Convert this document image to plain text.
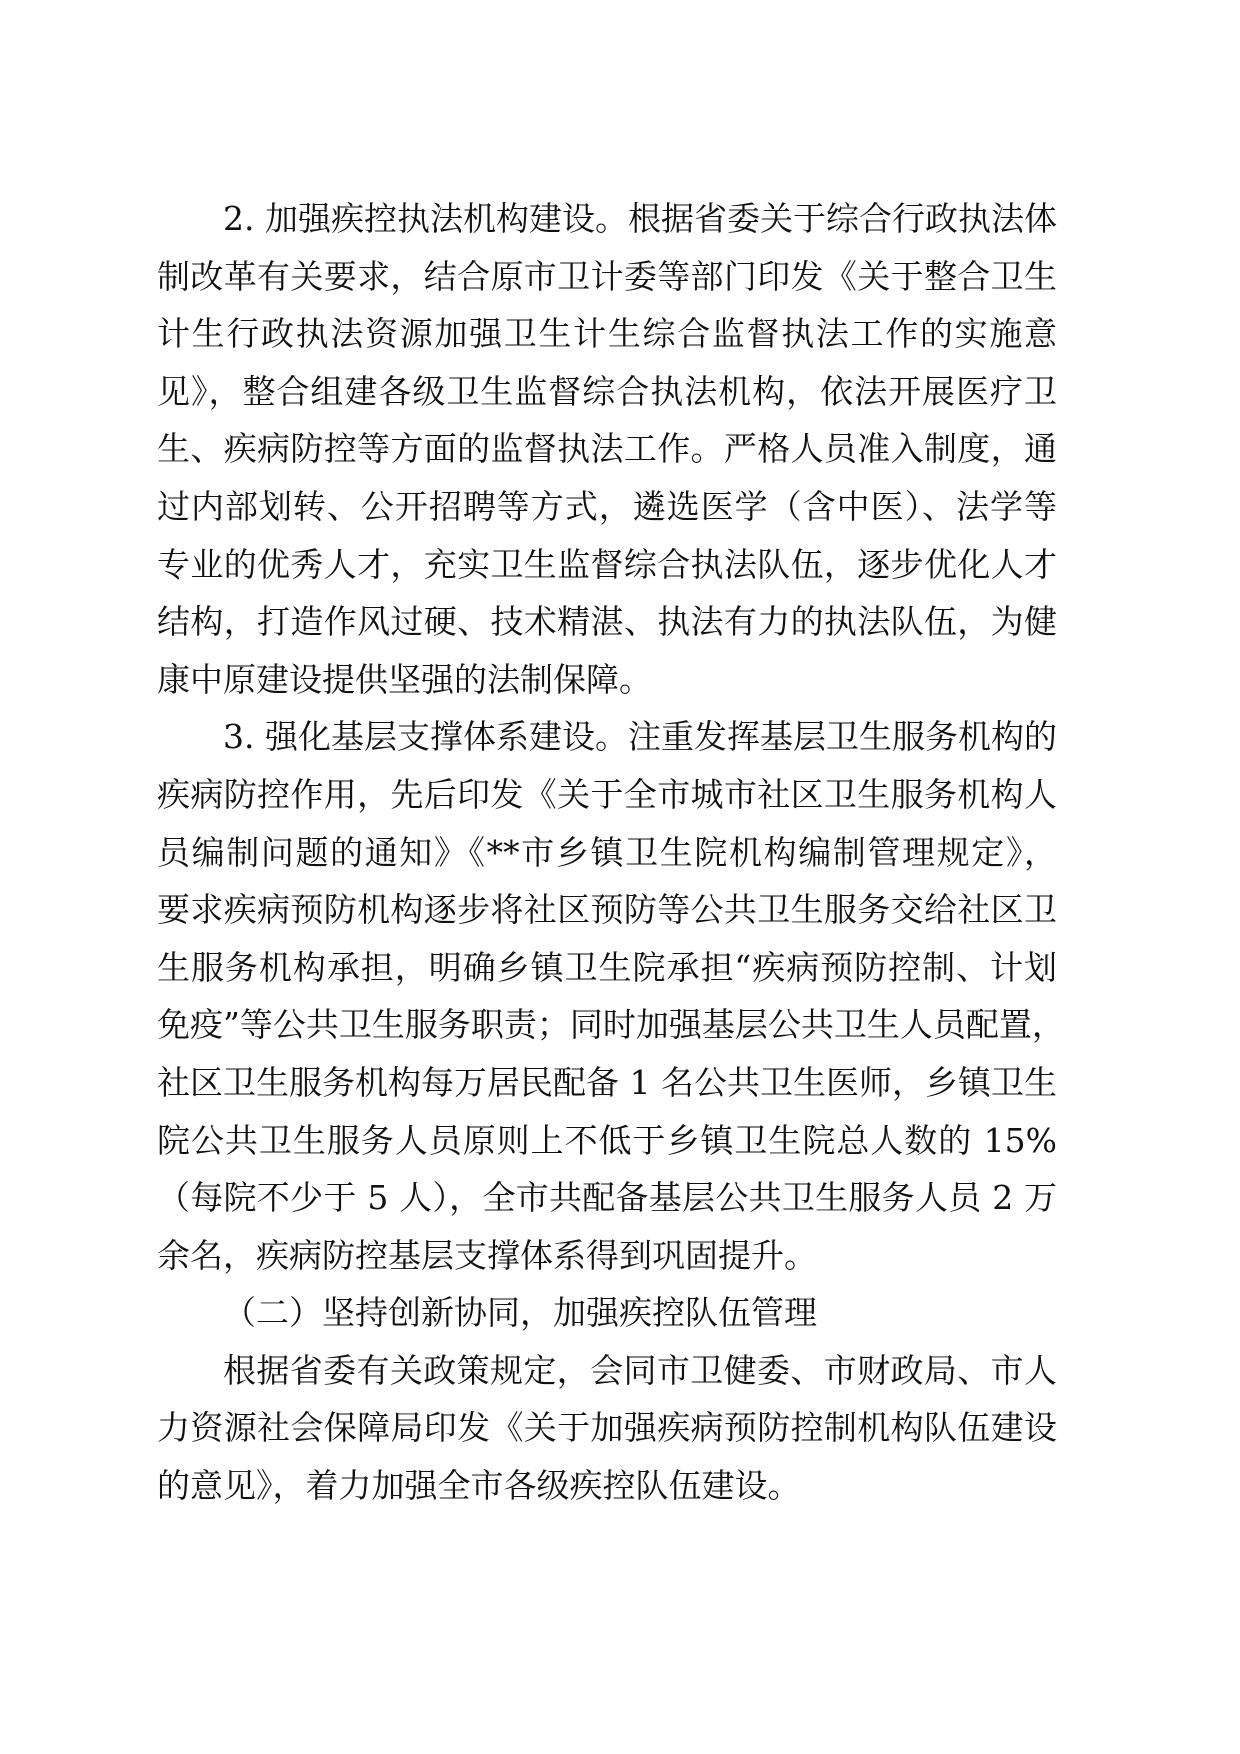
2. 加强疾控执法机构建设。根据省委关于综合行政执法体
制改革有关要求，结合原市卫计委等部门印发《关于整合卫生
计生行政执法资源加强卫生计生综合监督执法工作的实施意
见》，整合组建各级卫生监督综合执法机构，依法开展医疗卫
生、疾病防控等方面的监督执法工作。严格人员准入制度，通
过内部划转、公开招聘等方式，遴选医学（含中医）、法学等
专业的优秀人才，充实卫生监督综合执法队伍，逐步优化人才
结构，打造作风过硬、技术精湛、执法有力的执法队伍，为健
康中原建设提供坚强的法制保障。
3. 强化基层支撑体系建设。注重发挥基层卫生服务机构的
疾病防控作用，先后印发《关于全市城市社区卫生服务机构人
员编制问题的通知》《**市乡镇卫生院机构编制管理规定》，
要求疾病预防机构逐步将社区预防等公共卫生服务交给社区卫
生服务机构承担，明确乡镇卫生院承担“疾病预防控制、计划
免疫”等公共卫生服务职责；同时加强基层公共卫生人员配置，
社区卫生服务机构每万居民配备 1 名公共卫生医师，乡镇卫生
院公共卫生服务人员原则上不低于乡镇卫生院总人数的 15%
（每院不少于 5 人），全市共配备基层公共卫生服务人员 2 万
余名，疾病防控基层支撑体系得到巩固提升。
（二）坚持创新协同，加强疾控队伍管理
根据省委有关政策规定，会同市卫健委、市财政局、市人
力资源社会保障局印发《关于加强疾病预防控制机构队伍建设
的意见》，着力加强全市各级疾控队伍建设。
